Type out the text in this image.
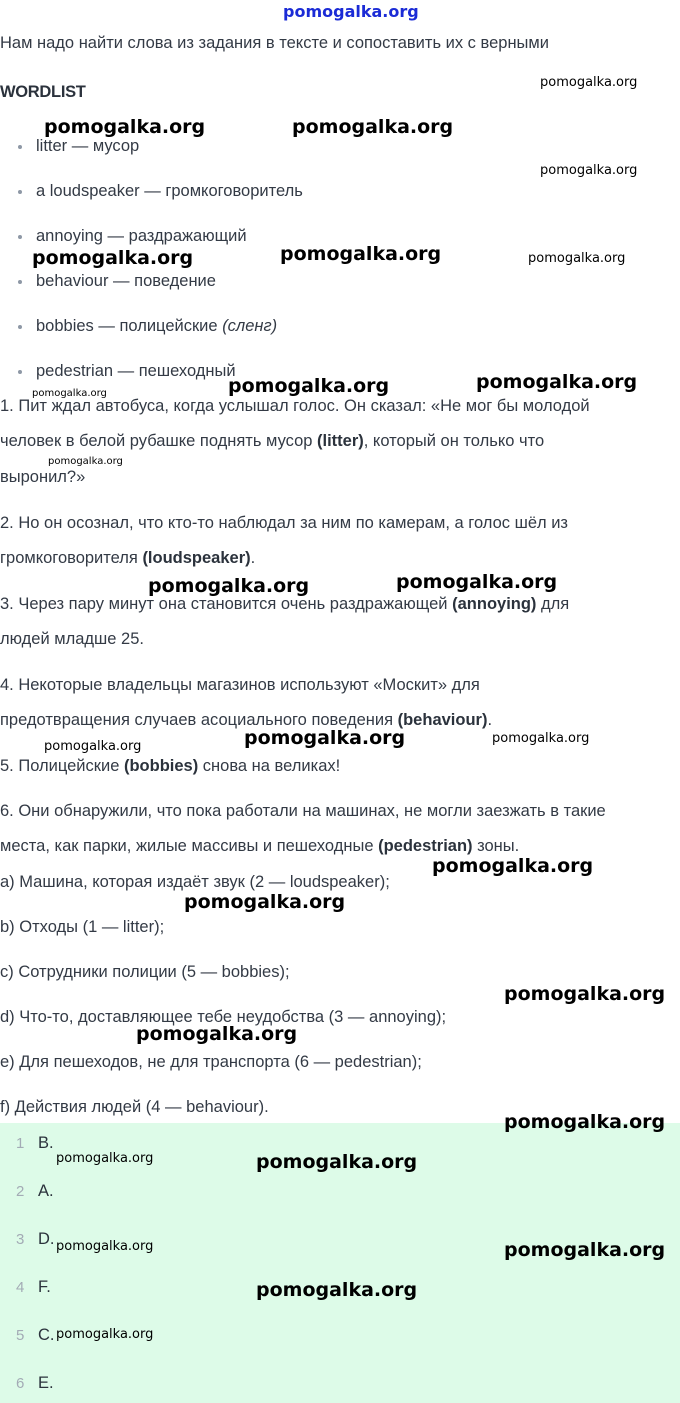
pomogalka.org
Нам надо найти слова из задания в тексте и сопоставить их с верными
WORDLIST
litter — мусор
a loudspeaker — громкоговоритель
annoying — раздражающий
behaviour — поведение
bobbies — полицейские (сленг)
pedestrian — пешеходный
1. Пит ждал автобуса, когда услышал голос. Он сказал: «Не мог бы молодой
человек в белой рубашке поднять мусор (litter), который он только что
выронил?»
2. Но он осознал, что кто-то наблюдал за ним по камерам, а голос шёл из
громкоговорителя (loudspeaker).
3. Через пару минут она становится очень раздражающей (annoying) для
людей младше 25.
4. Некоторые владельцы магазинов используют «Москит» для
предотвращения случаев асоциального поведения (behaviour).
5. Полицейские (bobbies) снова на великах!
6. Они обнаружили, что пока работали на машинах, не могли заезжать в такие
места, как парки, жилые массивы и пешеходные (pedestrian) зоны.
a) Машина, которая издаёт звук (2 — loudspeaker);
b) Отходы (1 — litter);
c) Сотрудники полиции (5 — bobbies);
d) Что-то, доставляющее тебе неудобства (3 — annoying);
e) Для пешеходов, не для транспорта (6 — pedestrian);
f) Действия людей (4 — behaviour).
1 B.
2 A.
3 D.
4 F.
5 C.
6 E.
pomogalka.org
pomogalka.org	pomogalka.org
pomogalka.org
pomogalka.org	pomogalka.org	pomogalka.org
pomogalka.org	pomogalka.org	pomogalka.org
pomogalka.org
pomogalka.org	pomogalka.org
pomogalka.org	pomogalka.org	pomogalka.org
pomogalka.org
pomogalka.org
pomogalka.org
pomogalka.org
pomogalka.org
pomogalka.org	pomogalka.org
pomogalka.org	pomogalka.org
pomogalka.org
pomogalka.org
